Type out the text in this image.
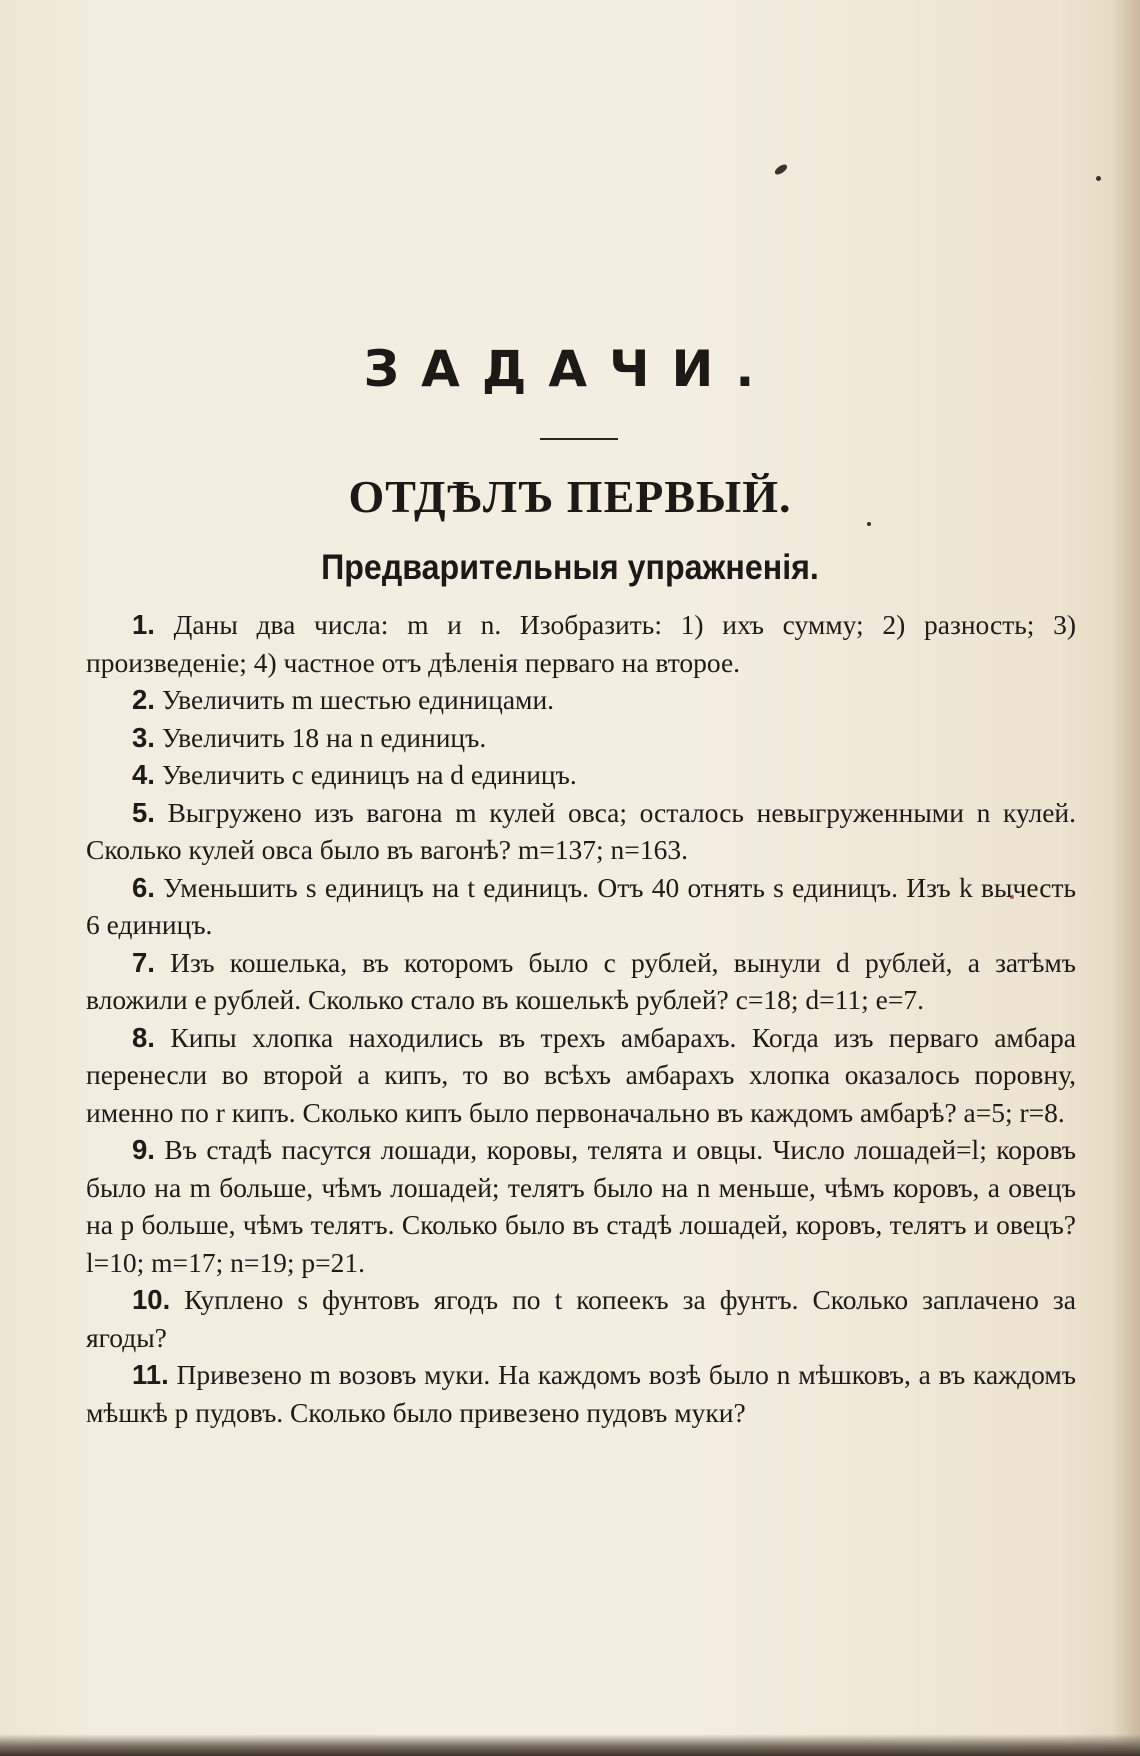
ЗАДАЧИ.
ОТДѢЛЪ ПЕРВЫЙ.
Предварительныя упражненія.

1. Даны два числа: m и n. Изобразить: 1) ихъ сумму; 2) разность; 3) произведеніе; 4) частное отъ дѣленія перваго на второе.

2. Увеличить m шестью единицами.

3. Увеличить 18 на n единицъ.

4. Увеличить c единицъ на d единицъ.

5. Выгружено изъ вагона m кулей овса; осталось невыгруженными n кулей. Сколько кулей овса было въ вагонѣ? m=137; n=163.

6. Уменьшить s единицъ на t единицъ. Отъ 40 отнять s единицъ. Изъ k вычесть 6 единицъ.

7. Изъ кошелька, въ которомъ было c рублей, вынули d рублей, а затѣмъ вложили e рублей. Сколько стало въ кошелькѣ рублей? c=18; d=11; e=7.

8. Кипы хлопка находились въ трехъ амбарахъ. Когда изъ перваго амбара перенесли во второй a кипъ, то во всѣхъ амбарахъ хлопка оказалось поровну, именно по r кипъ. Сколько кипъ было первоначально въ каждомъ амбарѣ? a=5; r=8.

9. Въ стадѣ пасутся лошади, коровы, телята и овцы. Число лошадей=l; коровъ было на m больше, чѣмъ лошадей; телятъ было на n меньше, чѣмъ коровъ, а овецъ на p больше, чѣмъ телятъ. Сколько было въ стадѣ лошадей, коровъ, телятъ и овецъ? l=10; m=17; n=19; p=21.

10. Куплено s фунтовъ ягодъ по t копеекъ за фунтъ. Сколько заплачено за ягоды?

11. Привезено m возовъ муки. На каждомъ возѣ было n мѣшковъ, а въ каждомъ мѣшкѣ p пудовъ. Сколько было привезено пудовъ муки?
